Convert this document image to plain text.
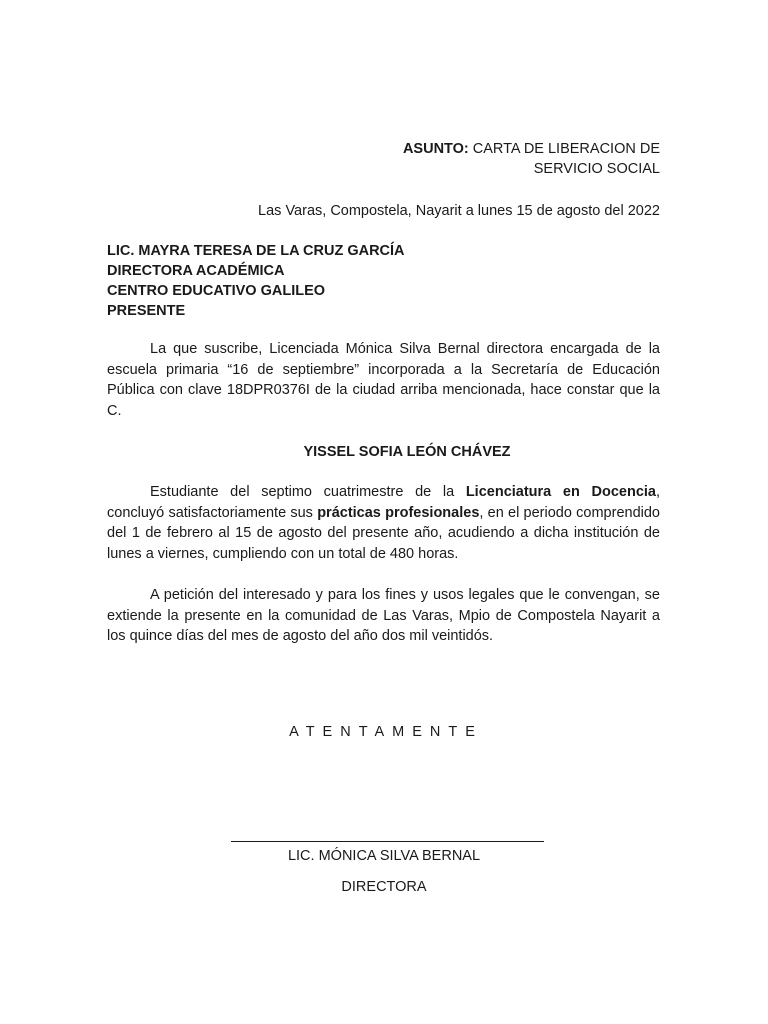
ASUNTO: CARTA DE LIBERACION DE
SERVICIO SOCIAL
Las Varas, Compostela, Nayarit a lunes 15 de agosto del 2022
LIC. MAYRA TERESA DE LA CRUZ GARCÍA
DIRECTORA ACADÉMICA
CENTRO EDUCATIVO GALILEO
PRESENTE
La que suscribe, Licenciada Mónica Silva Bernal directora encargada de la escuela primaria “16 de septiembre” incorporada a la Secretaría de Educación Pública con clave 18DPR0376I de la ciudad arriba mencionada, hace constar que la C.
YISSEL SOFIA LEÓN CHÁVEZ
Estudiante del septimo cuatrimestre de la Licenciatura en Docencia, concluyó satisfactoriamente sus prácticas profesionales, en el periodo comprendido del 1 de febrero al 15 de agosto del presente año, acudiendo a dicha institución de lunes a viernes, cumpliendo con un total de 480 horas.
A petición del interesado y para los fines y usos legales que le convengan, se extiende la presente en la comunidad de Las Varas, Mpio de Compostela Nayarit a los quince días del mes de agosto del año dos mil veintidós.
ATENTAMENTE
LIC. MÓNICA SILVA BERNAL
DIRECTORA
